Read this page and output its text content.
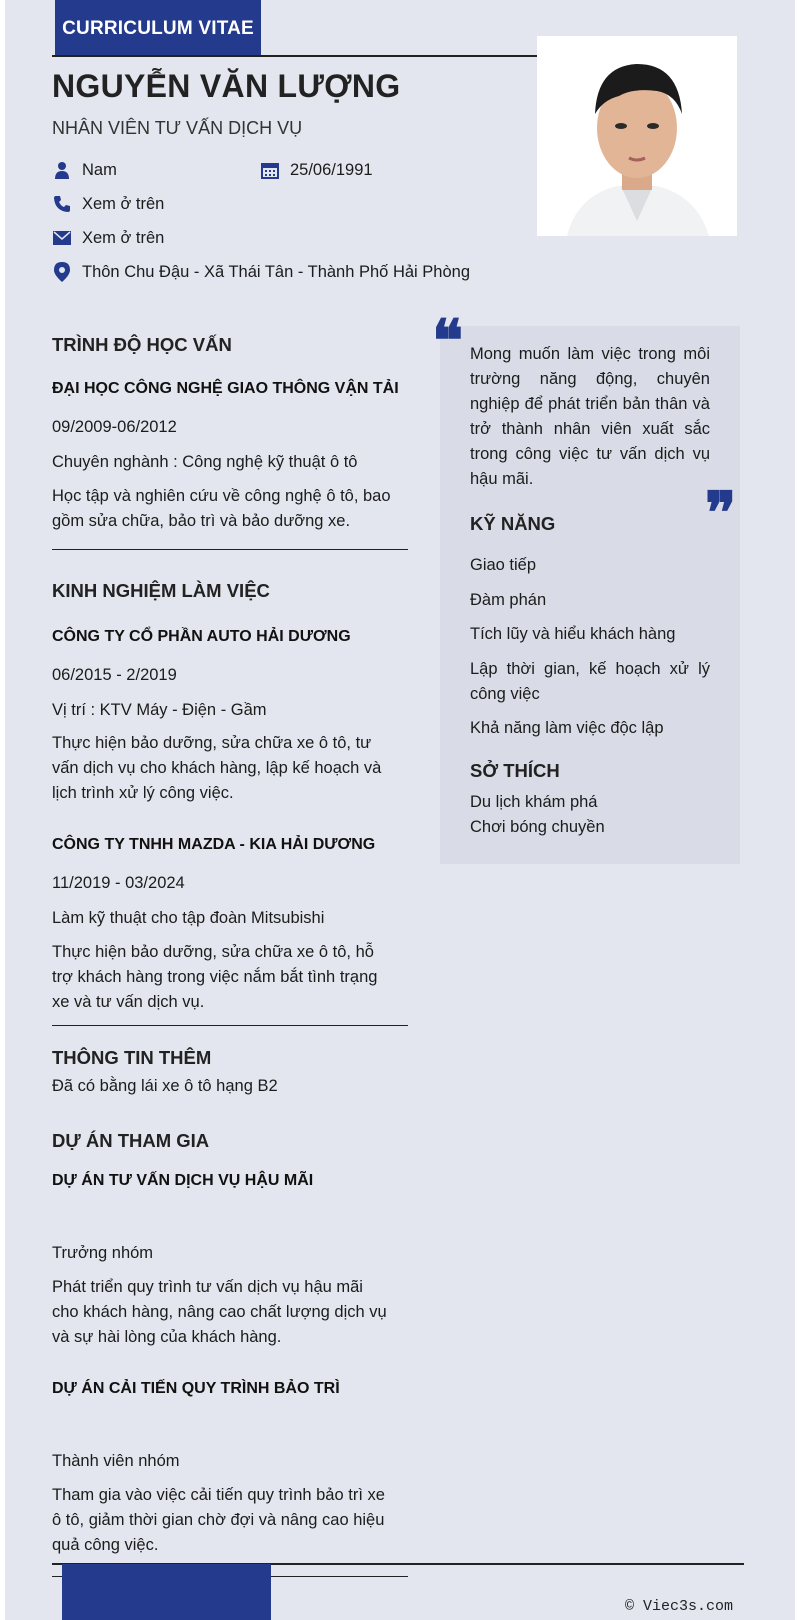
CURRICULUM VITAE
NGUYỄN VĂN LƯỢNG
NHÂN VIÊN TƯ VẤN DỊCH VỤ
Nam	25/06/1991
Xem ở trên
Xem ở trên
Thôn Chu Đậu - Xã Thái Tân - Thành Phố Hải Phòng
TRÌNH ĐỘ HỌC VẤN
ĐẠI HỌC CÔNG NGHỆ GIAO THÔNG VẬN TẢI
09/2009-06/2012
Chuyên nghành : Công nghệ kỹ thuật ô tô
Học tập và nghiên cứu về công nghệ ô tô, bao gồm sửa chữa, bảo trì và bảo dưỡng xe.
KINH NGHIỆM LÀM VIỆC
CÔNG TY CỔ PHẦN AUTO HẢI DƯƠNG
06/2015 - 2/2019
Vị trí : KTV Máy - Điện - Gầm
Thực hiện bảo dưỡng, sửa chữa xe ô tô, tư vấn dịch vụ cho khách hàng, lập kế hoạch và lịch trình xử lý công việc.
CÔNG TY TNHH MAZDA - KIA HẢI DƯƠNG
11/2019 - 03/2024
Làm kỹ thuật cho tập đoàn Mitsubishi
Thực hiện bảo dưỡng, sửa chữa xe ô tô, hỗ trợ khách hàng trong việc nắm bắt tình trạng xe và tư vấn dịch vụ.
THÔNG TIN THÊM
Đã có bằng lái xe ô tô hạng B2
DỰ ÁN THAM GIA
DỰ ÁN TƯ VẤN DỊCH VỤ HẬU MÃI
Trưởng nhóm
Phát triển quy trình tư vấn dịch vụ hậu mãi cho khách hàng, nâng cao chất lượng dịch vụ và sự hài lòng của khách hàng.
DỰ ÁN CẢI TIẾN QUY TRÌNH BẢO TRÌ
Thành viên nhóm
Tham gia vào việc cải tiến quy trình bảo trì xe ô tô, giảm thời gian chờ đợi và nâng cao hiệu quả công việc.
❝ Mong muốn làm việc trong môi trường năng động, chuyên nghiệp để phát triển bản thân và trở thành nhân viên xuất sắc trong công việc tư vấn dịch vụ hậu mãi.	❞
KỸ NĂNG
Giao tiếp
Đàm phán
Tích lũy và hiểu khách hàng
Lập thời gian, kế hoạch xử lý công việc
Khả năng làm việc độc lập
SỞ THÍCH
Du lịch khám phá
Chơi bóng chuyền
© Viec3s.com
